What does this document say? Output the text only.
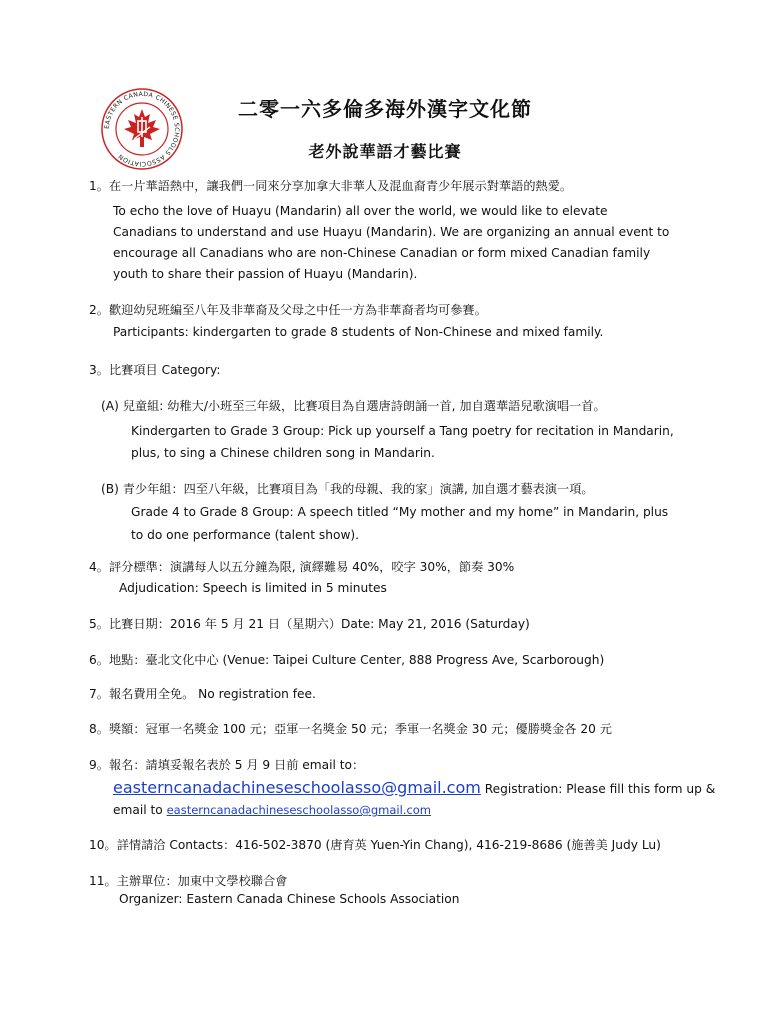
EASTERN CANADA CHINESE SCHOOLS ASSOCIATION
二零一六多倫多海外漢字文化節
老外說華語才藝比賽
1。在一片華語熱中，讓我們一同來分享加拿大非華人及混血裔青少年展示對華語的熱愛。
To echo the love of Huayu (Mandarin) all over the world, we would like to elevate
Canadians to understand and use Huayu (Mandarin). We are organizing an annual event to
encourage all Canadians who are non-Chinese Canadian or form mixed Canadian family
youth to share their passion of Huayu (Mandarin).
2。歡迎幼兒班編至八年及非華裔及父母之中任一方為非華裔者均可參賽。
Participants: kindergarten to grade 8 students of Non-Chinese and mixed family.
3。比賽項目 Category:
(A) 兒童組: 幼稚大/小班至三年級，比賽項目為自選唐詩朗誦一首, 加自選華語兒歌演唱一首。
Kindergarten to Grade 3 Group: Pick up yourself a Tang poetry for recitation in Mandarin,
plus, to sing a Chinese children song in Mandarin.
(B) 青少年組：四至八年級，比賽項目為「我的母親、我的家」演講, 加自選才藝表演一項。
Grade 4 to Grade 8 Group: A speech titled “My mother and my home” in Mandarin, plus
to do one performance (talent show).
4。評分標準：演講每人以五分鐘為限, 演繹難易 40%，咬字 30%，節奏 30%
Adjudication: Speech is limited in 5 minutes
5。比賽日期：2016 年 5 月 21 日（星期六）Date: May 21, 2016 (Saturday)
6。地點：臺北文化中心 (Venue: Taipei Culture Center, 888 Progress Ave, Scarborough)
7。報名費用全免。 No registration fee.
8。獎額：冠軍一名獎金 100 元；亞軍一名獎金 50 元；季軍一名獎金 30 元；優勝獎金各 20 元
9。報名：請填妥報名表於 5 月 9 日前 email to：
easterncanadachineseschoolasso@gmail.com Registration: Please fill this form up &
email to easterncanadachineseschoolasso@gmail.com
10。詳情請洽 Contacts：416-502-3870 (唐育英 Yuen-Yin Chang), 416-219-8686 (施善美 Judy Lu)
11。主辦單位：加東中文學校聯合會
Organizer: Eastern Canada Chinese Schools Association
